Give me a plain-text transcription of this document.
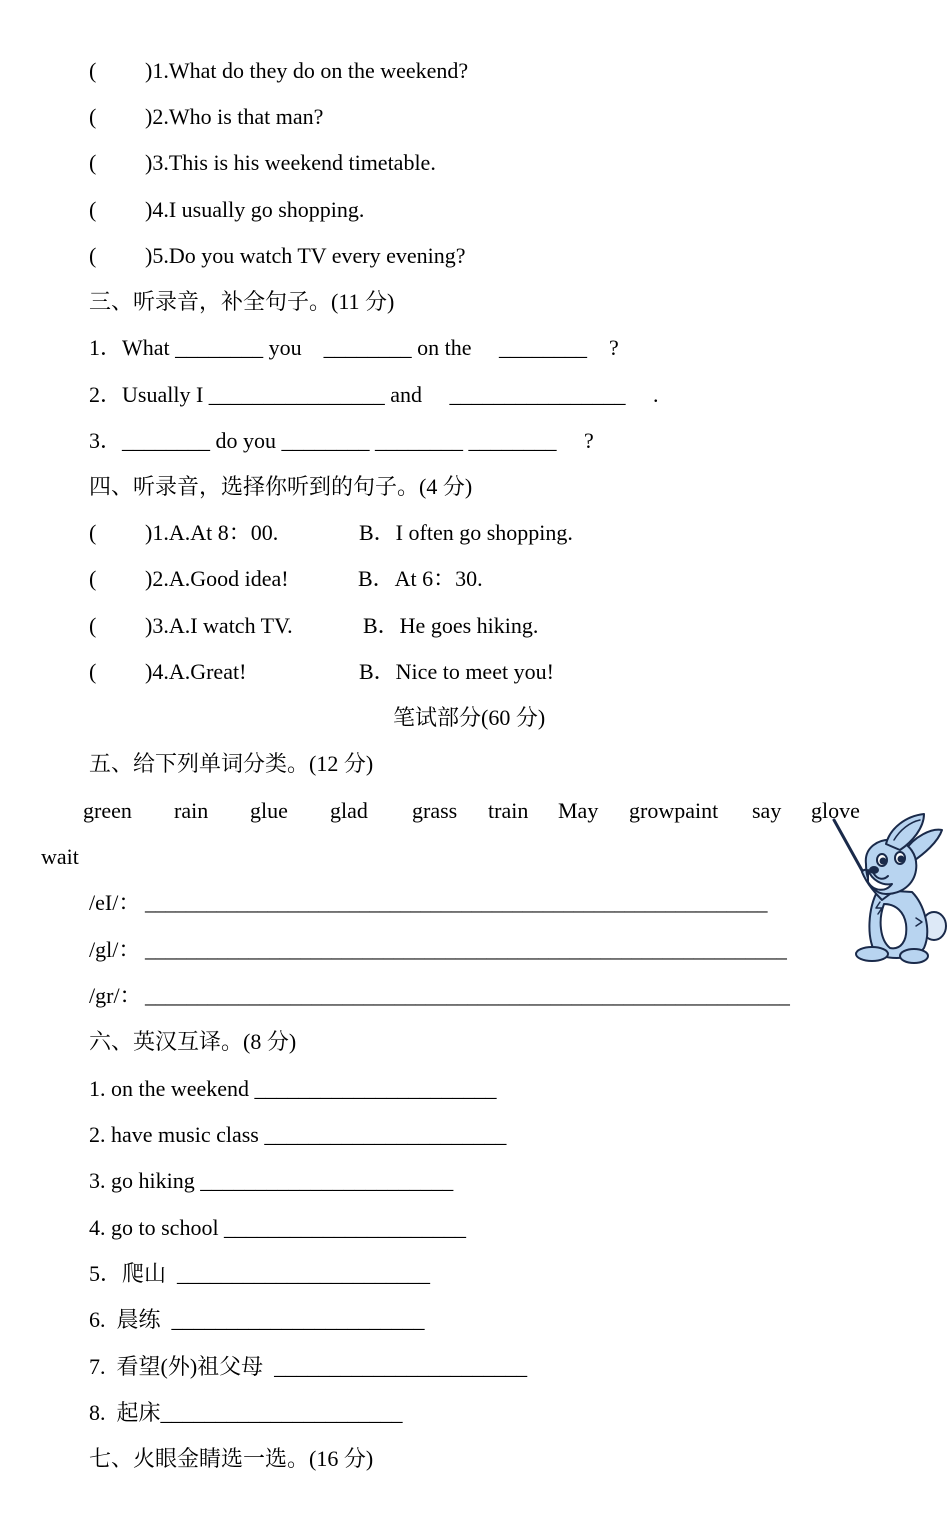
( )1.What do they do on the weekend?
( )2.Who is that man?
( )3.This is his weekend timetable.
( )4.I usually go shopping.
( )5.Do you watch TV every evening?
三、听录音，补全句子。(11 分)
1．What ________ you    ________ on the     ________    ?
2．Usually I ________________ and     ________________     .
3．________ do you ________ ________ ________     ?
四、听录音，选择你听到的句子。(4 分)
( )1.A.At 8：00.	B．I often go shopping.
( )2.A.Good idea!	B．At 6：30.
( )3.A.I watch TV.	B．He goes hiking.
( )4.A.Great!	B．Nice to meet you!
笔试部分(60 分)
五、给下列单词分类。(12 分)
green rain glue glad grass train May growpaint say glove
wait
/eI/： _____________________________________________________________
/gl/： ______________________________________________________________
/gr/： ______________________________________________________________
六、英汉互译。(8 分)
1. on the weekend ______________________
2. have music class ______________________
3. go hiking _______________________
4. go to school ______________________
5．爬山  _______________________
6.  晨练  _______________________
7.  看望(外)祖父母  _______________________
8.  起床______________________
七、火眼金睛选一选。(16 分)
